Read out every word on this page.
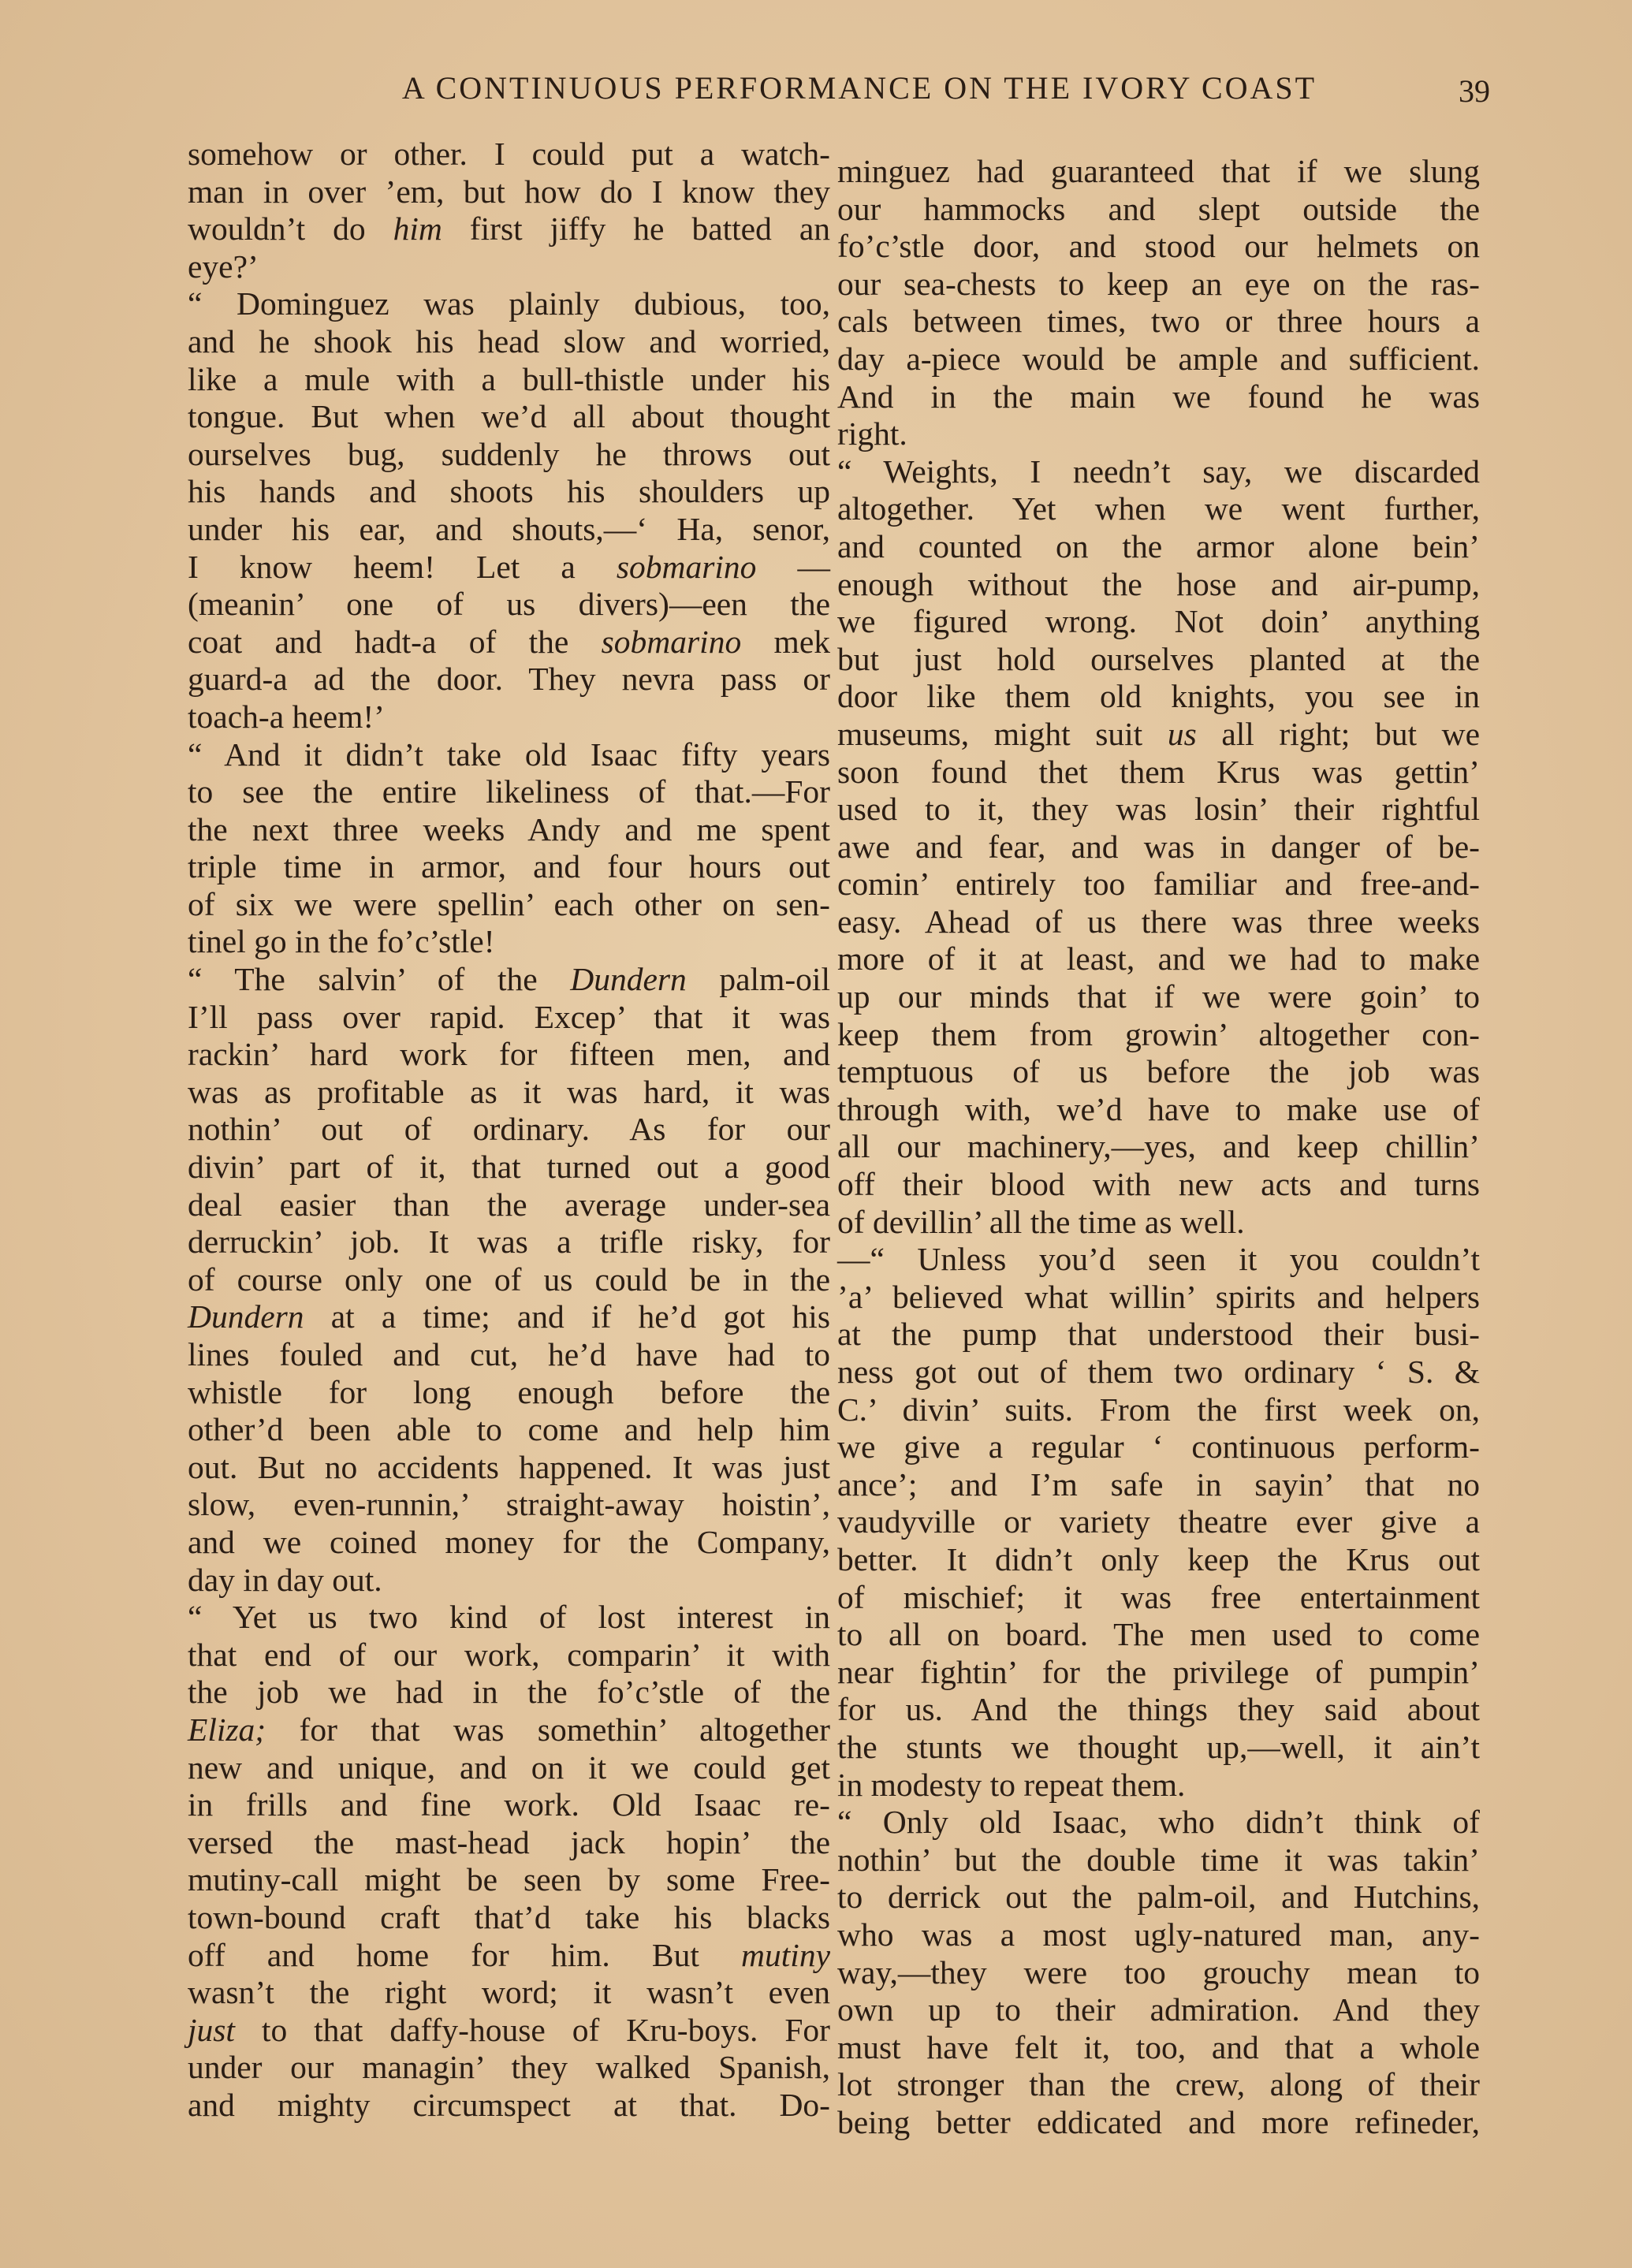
A CONTINUOUS PERFORMANCE ON THE IVORY COAST	39
somehow or other. I could put a watch-
man in over ’em, but how do I know they
wouldn’t do him first jiffy he batted an
eye?’
“ Dominguez was plainly dubious, too,
and he shook his head slow and worried,
like a mule with a bull-thistle under his
tongue. But when we’d all about thought
ourselves bug, suddenly he throws out
his hands and shoots his shoulders up
under his ear, and shouts,—‘ Ha, senor,
I know heem! Let a sobmarino —
(meanin’ one of us divers)—een the
coat and hadt-a of the sobmarino mek
guard-a ad the door. They nevra pass or
toach-a heem!’
“ And it didn’t take old Isaac fifty years
to see the entire likeliness of that.—For
the next three weeks Andy and me spent
triple time in armor, and four hours out
of six we were spellin’ each other on sen-
tinel go in the fo’c’stle!
“ The salvin’ of the Dundern palm-oil
I’ll pass over rapid. Excep’ that it was
rackin’ hard work for fifteen men, and
was as profitable as it was hard, it was
nothin’ out of ordinary. As for our
divin’ part of it, that turned out a good
deal easier than the average under-sea
derruckin’ job. It was a trifle risky, for
of course only one of us could be in the
Dundern at a time; and if he’d got his
lines fouled and cut, he’d have had to
whistle for long enough before the
other’d been able to come and help him
out. But no accidents happened. It was just
slow, even-runnin,’ straight-away hoistin’,
and we coined money for the Company,
day in day out.
“ Yet us two kind of lost interest in
that end of our work, comparin’ it with
the job we had in the fo’c’stle of the
Eliza; for that was somethin’ altogether
new and unique, and on it we could get
in frills and fine work. Old Isaac re-
versed the mast-head jack hopin’ the
mutiny-call might be seen by some Free-
town-bound craft that’d take his blacks
off and home for him. But mutiny
wasn’t the right word; it wasn’t even
just to that daffy-house of Kru-boys. For
under our managin’ they walked Spanish,
and mighty circumspect at that. Do-
minguez had guaranteed that if we slung
our hammocks and slept outside the
fo’c’stle door, and stood our helmets on
our sea-chests to keep an eye on the ras-
cals between times, two or three hours a
day a-piece would be ample and sufficient.
And in the main we found he was
right.
“ Weights, I needn’t say, we discarded
altogether. Yet when we went further,
and counted on the armor alone bein’
enough without the hose and air-pump,
we figured wrong. Not doin’ anything
but just hold ourselves planted at the
door like them old knights, you see in
museums, might suit us all right; but we
soon found thet them Krus was gettin’
used to it, they was losin’ their rightful
awe and fear, and was in danger of be-
comin’ entirely too familiar and free-and-
easy. Ahead of us there was three weeks
more of it at least, and we had to make
up our minds that if we were goin’ to
keep them from growin’ altogether con-
temptuous of us before the job was
through with, we’d have to make use of
all our machinery,—yes, and keep chillin’
off their blood with new acts and turns
of devillin’ all the time as well.
—“ Unless you’d seen it you couldn’t
’a’ believed what willin’ spirits and helpers
at the pump that understood their busi-
ness got out of them two ordinary ‘ S. &
C.’ divin’ suits. From the first week on,
we give a regular ‘ continuous perform-
ance’; and I’m safe in sayin’ that no
vaudyville or variety theatre ever give a
better. It didn’t only keep the Krus out
of mischief; it was free entertainment
to all on board. The men used to come
near fightin’ for the privilege of pumpin’
for us. And the things they said about
the stunts we thought up,—well, it ain’t
in modesty to repeat them.
“ Only old Isaac, who didn’t think of
nothin’ but the double time it was takin’
to derrick out the palm-oil, and Hutchins,
who was a most ugly-natured man, any-
way,—they were too grouchy mean to
own up to their admiration. And they
must have felt it, too, and that a whole
lot stronger than the crew, along of their
being better eddicated and more refineder,
